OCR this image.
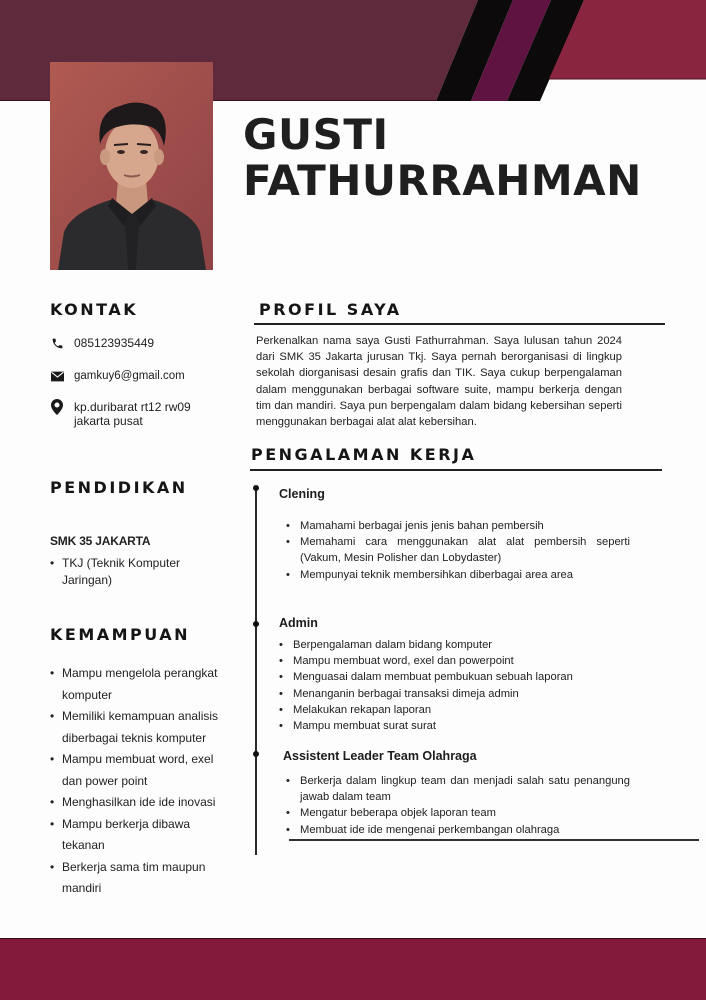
GUSTI
FATHURRAHMAN
KONTAK
085123935449
gamkuy6@gmail.com
kp.duribarat rt12 rw09
jakarta pusat
PENDIDIKAN
SMK 35 JAKARTA
• TKJ (Teknik Komputer Jaringan)
KEMAMPUAN
• Mampu mengelola perangkat komputer
• Memiliki kemampuan analisis diberbagai teknis komputer
• Mampu membuat word, exel dan power point
• Menghasilkan ide ide inovasi
• Mampu berkerja dibawa tekanan
• Berkerja sama tim maupun mandiri
PROFIL SAYA

Perkenalkan nama saya Gusti Fathurrahman. Saya lulusan tahun 2024 dari SMK 35 Jakarta jurusan Tkj. Saya pernah berorganisasi di lingkup sekolah diorganisasi desain grafis dan TIK. Saya cukup berpengalaman dalam menggunakan berbagai software suite, mampu berkerja dengan tim dan mandiri. Saya pun berpengalam dalam bidang kebersihan seperti menggunakan berbagai alat alat kebersihan.

PENGALAMAN KERJA
Clening
• Mamahami berbagai jenis jenis bahan pembersih
• Memahami cara menggunakan alat alat pembersih seperti (Vakum, Mesin Polisher dan Lobydaster)
• Mempunyai teknik membersihkan diberbagai area area
Admin
• Berpengalaman dalam bidang komputer
• Mampu membuat word, exel dan powerpoint
• Menguasai dalam membuat pembukuan sebuah laporan
• Menanganin berbagai transaksi dimeja admin
• Melakukan rekapan laporan
• Mampu membuat surat surat
Assistent Leader Team Olahraga
• Berkerja dalam lingkup team dan menjadi salah satu penangung jawab dalam team
• Mengatur beberapa objek laporan team
• Membuat ide ide mengenai perkembangan olahraga
